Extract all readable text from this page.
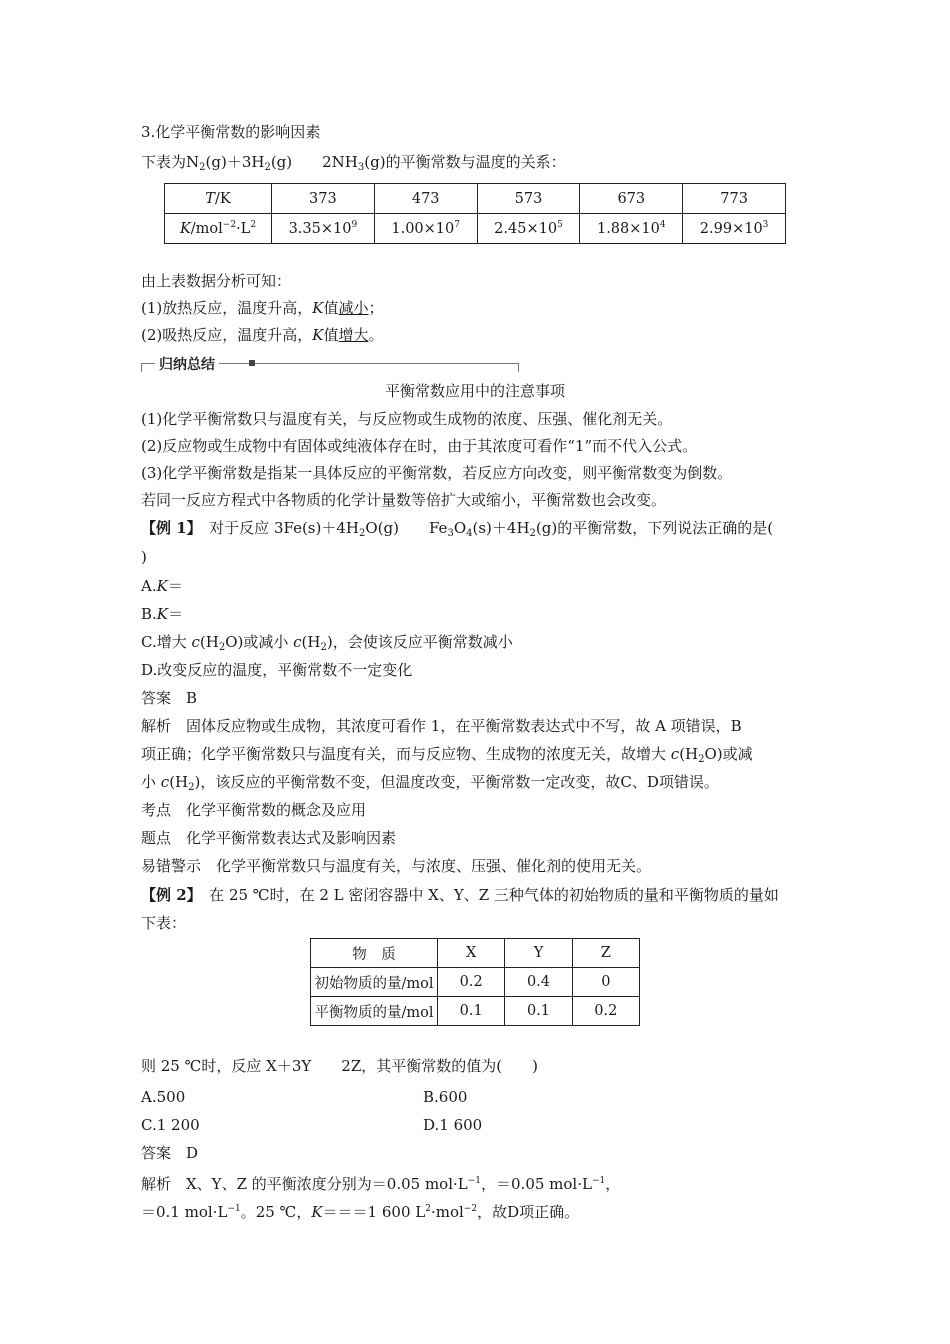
3.化学平衡常数的影响因素
下表为$N_2(g)+3H_2(g)$　　$2NH_3(g)$的平衡常数与温度的关系：
T/K	373	473	573	673	773
$K/mol^{-2}\cdot L^2$	$3.35\times 10^9$	$1.00\times 10^7$	$2.45\times 10^5$	$1.88\times 10^4$	$2.99\times 10^3$
由上表数据分析可知：
(1)放热反应，温度升高，K值减小；
(2)吸热反应，温度升高，K值增大。
归纳总结
平衡常数应用中的注意事项
(1)化学平衡常数只与温度有关，与反应物或生成物的浓度、压强、催化剂无关。
(2)反应物或生成物中有固体或纯液体存在时，由于其浓度可看作“1”而不代入公式。
(3)化学平衡常数是指某一具体反应的平衡常数，若反应方向改变，则平衡常数变为倒数。
若同一反应方程式中各物质的化学计量数等倍扩大或缩小，平衡常数也会改变。
【例 1】　对于反应 $3Fe(s)+4H_2O(g)$　　$Fe_3O_4(s)+4H_2(g)$的平衡常数，下列说法正确的是(
)
A.K＝
B.K＝
C.增大 $c(H_2O)$或减小 $c(H_2)$，会使该反应平衡常数减小
D.改变反应的温度，平衡常数不一定变化
答案　B
解析　固体反应物或生成物，其浓度可看作 1，在平衡常数表达式中不写，故 A 项错误，B
项正确；化学平衡常数只与温度有关，而与反应物、生成物的浓度无关，故增大 $c(H_2O)$或减
小 $c(H_2)$，该反应的平衡常数不变，但温度改变，平衡常数一定改变，故C、D项错误。
考点　化学平衡常数的概念及应用
题点　化学平衡常数表达式及影响因素
易错警示　化学平衡常数只与温度有关，与浓度、压强、催化剂的使用无关。
【例 2】　在 25 ℃时，在 2 L 密闭容器中 X、Y、Z 三种气体的初始物质的量和平衡物质的量如
下表：
物　质	X	Y	Z
初始物质的量/mol	0.2	0.4	0
平衡物质的量/mol	0.1	0.1	0.2
则 25 ℃时，反应 X＋3Y　　2Z，其平衡常数的值为(　　)
A.500	B.600
C.1 200	D.1 600
答案　D
解析　X、Y、Z 的平衡浓度分别为＝0.05 $mol\cdot L^{-1}$，＝0.05 $mol\cdot L^{-1}$，
＝0.1 $mol\cdot L^{-1}$。25 ℃，K＝＝＝1 600 $L^2\cdot mol^{-2}$，故D项正确。
